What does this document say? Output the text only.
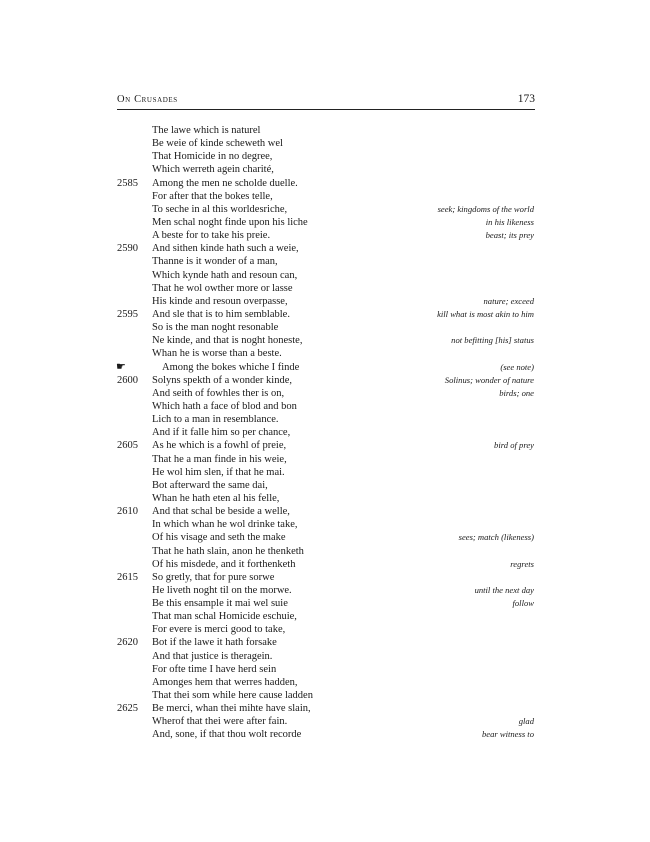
On Crusades	173
The lawe which is naturel
Be weie of kinde scheweth wel
That Homicide in no degree,
Which werreth agein charité,
2585 Among the men ne scholde duelle.
For after that the bokes telle,
To seche in al this worldesriche,	seek; kingdoms of the world
Men schal noght finde upon his liche	in his likeness
A beste for to take his preie.	beast; its prey
2590 And sithen kinde hath such a weie,
Thanne is it wonder of a man,
Which kynde hath and resoun can,
That he wol owther more or lasse
His kinde and resoun overpasse,	nature; exceed
2595 And sle that is to him semblable.	kill what is most akin to him
So is the man noght resonable
Ne kinde, and that is noght honeste,	not befitting [his] status
Whan he is worse than a beste.
☛	Among the bokes whiche I finde	(see note)
2600 Solyns spekth of a wonder kinde,	Solinus; wonder of nature
And seith of fowhles ther is on,	birds; one
Which hath a face of blod and bon
Lich to a man in resemblance.
And if it falle him so per chance,
2605 As he which is a fowhl of preie,	bird of prey
That he a man finde in his weie,
He wol him slen, if that he mai.
Bot afterward the same dai,
Whan he hath eten al his felle,
2610 And that schal be beside a welle,
In which whan he wol drinke take,
Of his visage and seth the make	sees; match (likeness)
That he hath slain, anon he thenketh
Of his misdede, and it forthenketh	regrets
2615 So gretly, that for pure sorwe
He liveth noght til on the morwe.	until the next day
Be this ensample it mai wel suie	follow
That man schal Homicide eschuie,
For evere is merci good to take,
2620 Bot if the lawe it hath forsake
And that justice is theragein.
For ofte time I have herd sein
Amonges hem that werres hadden,
That thei som while here cause ladden
2625 Be merci, whan thei mihte have slain,
Wherof that thei were after fain.	glad
And, sone, if that thou wolt recorde	bear witness to
